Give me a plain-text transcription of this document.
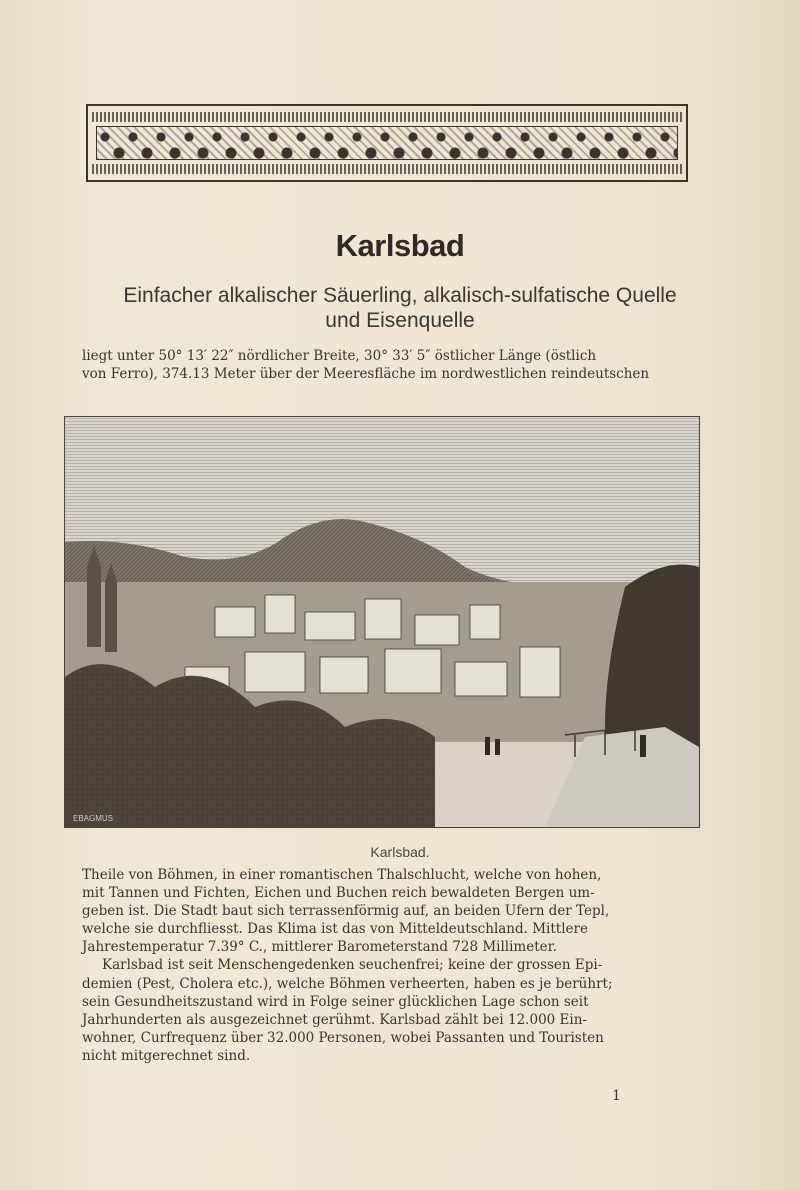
Karlsbad
Einfacher alkalischer Säuerling, alkalisch-sulfatische Quelle
und Eisenquelle
liegt unter 50° 13′ 22″ nördlicher Breite, 30° 33′ 5″ östlicher Länge (östlich
von Ferro), 374.13 Meter über der Meeresfläche im nordwestlichen reindeutschen
EBAGMUS
Karlsbad.
Theile von Böhmen, in einer romantischen Thalschlucht, welche von hohen,
mit Tannen und Fichten, Eichen und Buchen reich bewaldeten Bergen um-
geben ist. Die Stadt baut sich terrassenförmig auf, an beiden Ufern der Tepl,
welche sie durchfliesst. Das Klima ist das von Mitteldeutschland. Mittlere
Jahrestemperatur 7.39° C., mittlerer Barometerstand 728 Millimeter.
Karlsbad ist seit Menschengedenken seuchenfrei; keine der grossen Epi-
demien (Pest, Cholera etc.), welche Böhmen verheerten, haben es je berührt;
sein Gesundheitszustand wird in Folge seiner glücklichen Lage schon seit
Jahrhunderten als ausgezeichnet gerühmt. Karlsbad zählt bei 12.000 Ein-
wohner, Curfrequenz über 32.000 Personen, wobei Passanten und Touristen
nicht mitgerechnet sind.
1
